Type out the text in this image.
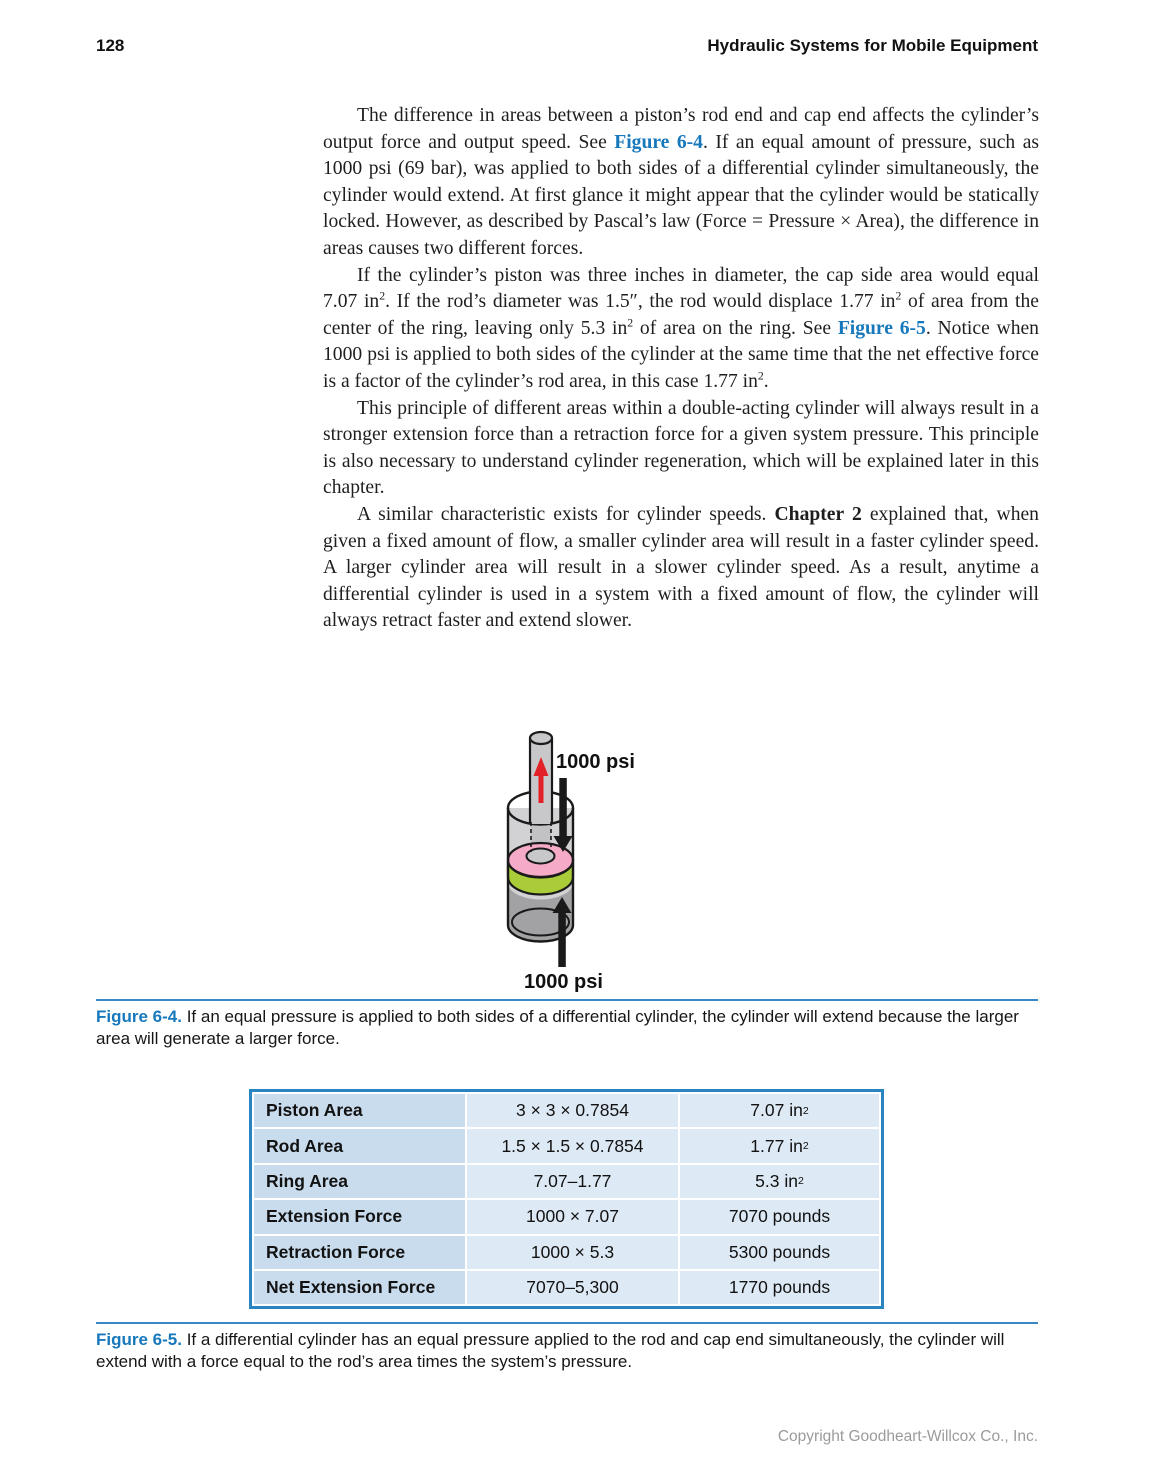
128	Hydraulic Systems for Mobile Equipment

The difference in areas between a piston’s rod end and cap end affects the cylinder’s output force and output speed. See Figure 6-4. If an equal amount of pressure, such as 1000 psi (69 bar), was applied to both sides of a differential cylinder simultaneously, the cylinder would extend. At first glance it might appear that the cylinder would be statically locked. However, as described by Pascal’s law (Force = Pressure × Area), the difference in areas causes two different forces.

If the cylinder’s piston was three inches in diameter, the cap side area would equal 7.07 $in^2$. If the rod’s diameter was 1.5″, the rod would displace 1.77 $in^2$ of area from the center of the ring, leaving only 5.3 $in^2$ of area on the ring. See Figure 6-5. Notice when 1000 psi is applied to both sides of the cylinder at the same time that the net effective force is a factor of the cylinder’s rod area, in this case 1.77 $in^2$.

This principle of different areas within a double-acting cylinder will always result in a stronger extension force than a retraction force for a given system pressure. This principle is also necessary to understand cylinder regeneration, which will be explained later in this chapter.

A similar characteristic exists for cylinder speeds. Chapter 2 explained that, when given a fixed amount of flow, a smaller cylinder area will result in a faster cylinder speed. A larger cylinder area will result in a slower cylinder speed. As a result, anytime a differential cylinder is used in a system with a fixed amount of flow, the cylinder will always retract faster and extend slower.

1000 psi
1000 psi
Figure 6-4. If an equal pressure is applied to both sides of a differential cylinder, the cylinder will extend because the larger area will generate a larger force.
Piston Area	3 × 3 × 0.7854	7.07 in 2
Rod Area	1.5 × 1.5 × 0.7854	1.77 in 2
Ring Area	7.07–1.77	5.3 in 2
Extension Force	1000 × 7.07	7070 pounds
Retraction Force	1000 × 5.3	5300 pounds
Net Extension Force	7070–5,300	1770 pounds
Figure 6-5. If a differential cylinder has an equal pressure applied to the rod and cap end simultaneously, the cylinder will extend with a force equal to the rod’s area times the system’s pressure.
Copyright Goodheart-Willcox Co., Inc.
